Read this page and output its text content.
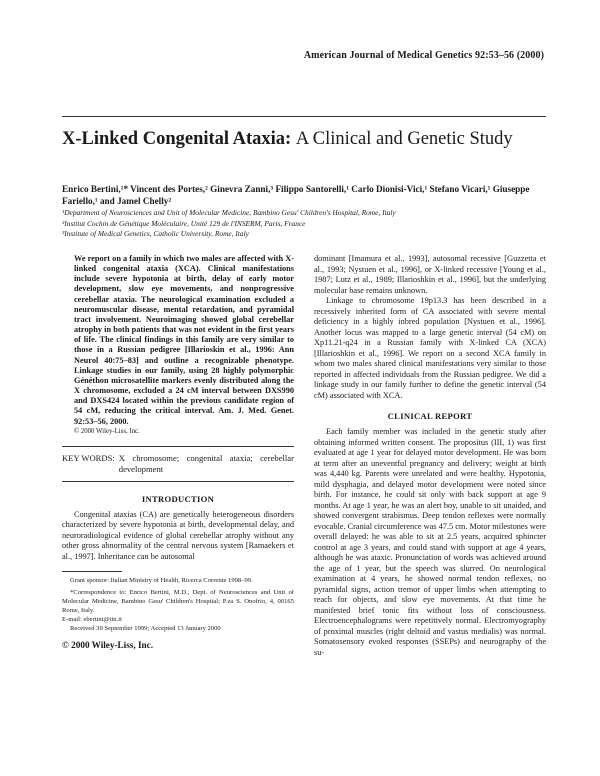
American Journal of Medical Genetics 92:53–56 (2000)
X-Linked Congenital Ataxia: A Clinical and Genetic Study
Enrico Bertini,¹* Vincent des Portes,² Ginevra Zanni,³ Filippo Santorelli,¹ Carlo Dionisi-Vici,¹ Stefano Vicari,¹ Giuseppe Fariello,¹ and Jamel Chelly²
¹Department of Neurosciences and Unit of Molecular Medicine, Bambino Gesu' Children's Hospital, Rome, Italy
²Institut Cochin de Génétique Moléculaire, Unité 129 de l'INSERM, Paris, France
³Institute of Medical Genetics, Catholic University, Rome, Italy
We report on a family in which two males are affected with X-linked congenital ataxia (XCA). Clinical manifestations include severe hypotonia at birth, delay of early motor development, slow eye movements, and nonprogressive cerebellar ataxia. The neurological examination excluded a neuromuscular disease, mental retardation, and pyramidal tract involvement. Neuroimaging showed global cerebellar atrophy in both patients that was not evident in the first years of life. The clinical findings in this family are very similar to those in a Russian pedigree [Illarioskin et al., 1996: Ann Neurol 40:75–83] and outline a recognizable phenotype. Linkage studies in our family, using 28 highly polymorphic Généthon microsatellite markers evenly distributed along the X chromosome, excluded a 24 cM interval between DXS990 and DXS424 located within the previous candidate region of 54 cM, reducing the critical interval. Am. J. Med. Genet. 92:53–56, 2000.
© 2000 Wiley-Liss, Inc.
KEY WORDS: X chromosome; congenital ataxia; cerebellar development
INTRODUCTION

Congenital ataxias (CA) are genetically heterogeneous disorders characterized by severe hypotonia at birth, developmental delay, and neuroradiological evidence of global cerebellar atrophy without any other gross abnormality of the central nervous system [Ramaekers et al., 1997]. Inheritance can be autosomal

Grant sponsor: Italian Ministry of Health, Ricerca Corrente 1998–99.
*Correspondence to: Enrico Bertini, M.D., Dept. of Neurosciences and Unit of Molecular Medicine, Bambino Gesu' Children's Hospital; P.za S. Onofrio, 4, 00165 Rome, Italy.
E-mail: ebertini@tin.it
Received 30 September 1999; Accepted 13 January 2000
© 2000 Wiley-Liss, Inc.

dominant [Imamura et al., 1993], autosomal recessive [Guzzetta et al., 1993; Nystuen et al., 1996], or X-linked recessive [Young et al., 1987; Lutz et al., 1989; Illarioshkin et al., 1996], but the underlying molecular base remains unknown.

Linkage to chromosome 19p13.3 has been described in a recessively inherited form of CA associated with severe mental deficiency in a highly inbred population [Nystuen et al., 1996]. Another locus was mapped to a large genetic interval (54 cM) on Xp11.21-q24 in a Russian family with X-linked CA (XCA) [Illarioshkin et al., 1996]. We report on a second XCA family in whom two males shared clinical manifestations very similar to those reported in affected individuals from the Russian pedigree. We did a linkage study in our family further to define the genetic interval (54 cM) associated with XCA.

CLINICAL REPORT

Each family member was included in the genetic study after obtaining informed written consent. The propositus (III, 1) was first evaluated at age 1 year for delayed motor development. He was born at term after an uneventful pregnancy and delivery; weight at birth was 4,440 kg. Parents were unrelated and were healthy. Hypotonia, mild dysphagia, and delayed motor development were noted since birth. For instance, he could sit only with back support at age 9 months. At age 1 year, he was an alert boy, unable to sit unaided, and showed convergent strabismus. Deep tendon reflexes were normally evocable. Cranial circumference was 47.5 cm. Motor milestones were overall delayed: he was able to sit at 2.5 years, acquired sphincter control at age 3 years, and could stand with support at age 4 years, although he was ataxic. Pronunciation of words was achieved around the age of 1 year, but the speech was slurred. On neurological examination at 4 years, he showed normal tendon reflexes, no pyramidal signs, action tremor of upper limbs when attempting to reach for objects, and slow eye movements. At that time he manifested brief tonic fits without loss of consciousness. Electroencephalograms were repetitively normal. Electromyography of proximal muscles (right deltoid and vastus medialis) was normal. Somatosensory evoked responses (SSEPs) and neurography of the su-
